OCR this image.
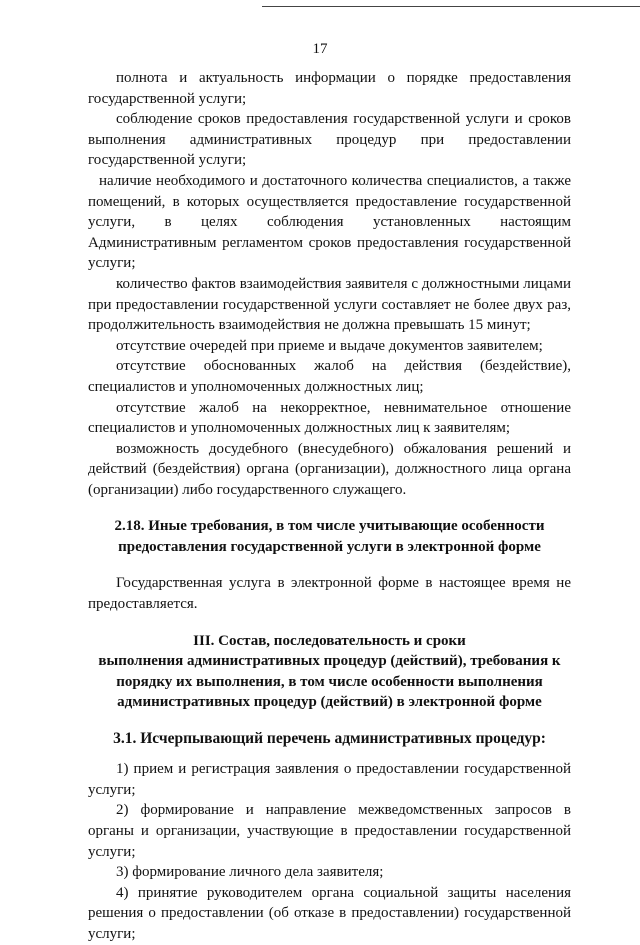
17

полнота и актуальность информации о порядке предоставления государственной услуги;

соблюдение сроков предоставления государственной услуги и сроков выполнения административных процедур при предоставлении государственной услуги;

наличие необходимого и достаточного количества специалистов, а также помещений, в которых осуществляется предоставление государственной услуги, в целях соблюдения установленных настоящим Административным регламентом сроков предоставления государственной услуги;

количество фактов взаимодействия заявителя с должностными лицами при предоставлении государственной услуги составляет не более двух раз, продолжительность взаимодействия не должна превышать 15 минут;

отсутствие очередей при приеме и выдаче документов заявителем;

отсутствие обоснованных жалоб на действия (бездействие), специалистов и уполномоченных должностных лиц;

отсутствие жалоб на некорректное, невнимательное отношение специалистов и уполномоченных должностных лиц к заявителям;

возможность досудебного (внесудебного) обжалования решений и действий (бездействия) органа (организации), должностного лица органа (организации) либо государственного служащего.

2.18. Иные требования, в том числе учитывающие особенности
предоставления государственной услуги в электронной форме

Государственная услуга в электронной форме в настоящее время не предоставляется.

III. Состав, последовательность и сроки
выполнения административных процедур (действий), требования к
порядку их выполнения, в том числе особенности выполнения
административных процедур (действий) в электронной форме
3.1. Исчерпывающий перечень административных процедур:

1) прием и регистрация заявления о предоставлении государственной услуги;

2) формирование и направление межведомственных запросов в органы и организации, участвующие в предоставлении государственной услуги;

3) формирование личного дела заявителя;

4) принятие руководителем органа социальной защиты населения решения о предоставлении (об отказе в предоставлении) государственной услуги;
